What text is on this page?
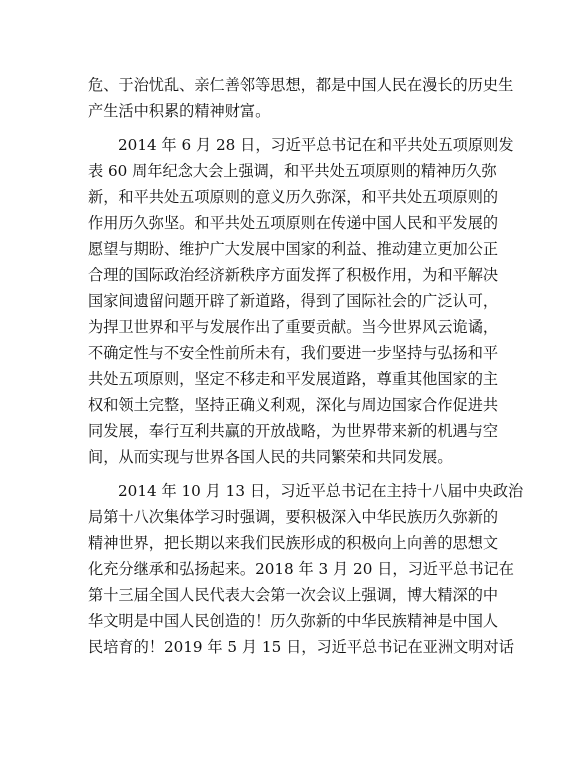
危、于治忧乱、亲仁善邻等思想，都是中国人民在漫长的历史生
产生活中积累的精神财富。
2014 年 6 月 28 日，习近平总书记在和平共处五项原则发
表 60 周年纪念大会上强调，和平共处五项原则的精神历久弥
新，和平共处五项原则的意义历久弥深，和平共处五项原则的
作用历久弥坚。和平共处五项原则在传递中国人民和平发展的
愿望与期盼、维护广大发展中国家的利益、推动建立更加公正
合理的国际政治经济新秩序方面发挥了积极作用，为和平解决
国家间遗留问题开辟了新道路，得到了国际社会的广泛认可，
为捍卫世界和平与发展作出了重要贡献。当今世界风云诡谲，
不确定性与不安全性前所未有，我们要进一步坚持与弘扬和平
共处五项原则，坚定不移走和平发展道路，尊重其他国家的主
权和领土完整，坚持正确义利观，深化与周边国家合作促进共
同发展，奉行互利共赢的开放战略，为世界带来新的机遇与空
间，从而实现与世界各国人民的共同繁荣和共同发展。
2014 年 10 月 13 日，习近平总书记在主持十八届中央政治
局第十八次集体学习时强调，要积极深入中华民族历久弥新的
精神世界，把长期以来我们民族形成的积极向上向善的思想文
化充分继承和弘扬起来。2018 年 3 月 20 日，习近平总书记在
第十三届全国人民代表大会第一次会议上强调，博大精深的中
华文明是中国人民创造的！历久弥新的中华民族精神是中国人
民培育的！2019 年 5 月 15 日，习近平总书记在亚洲文明对话
